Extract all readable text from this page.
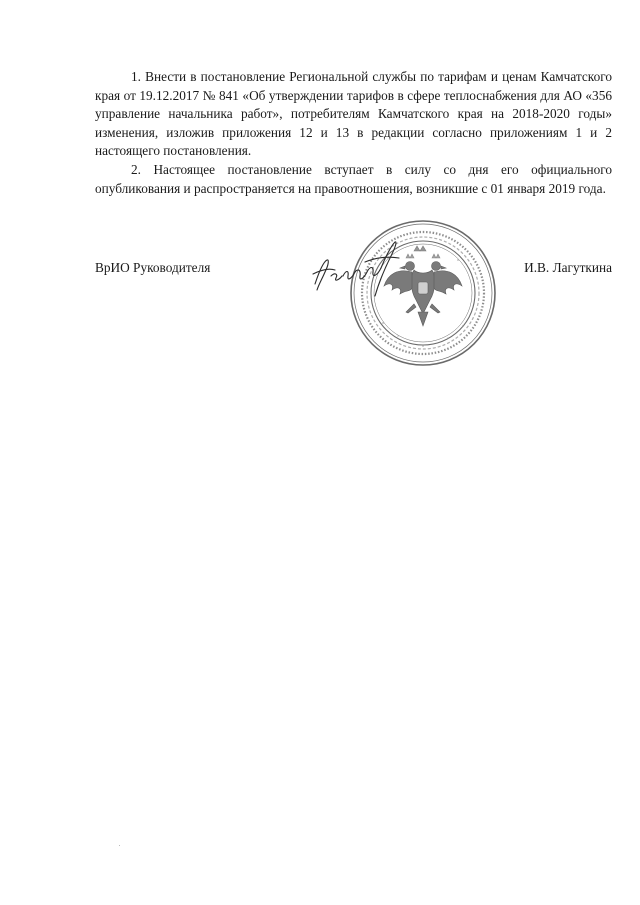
1. Внести в постановление Региональной службы по тарифам и ценам Камчатского края от 19.12.2017 № 841 «Об утверждении тарифов в сфере теплоснабжения для АО «356 управление начальника работ», потребителям Камчатского края на 2018-2020 годы» изменения, изложив приложения 12 и 13 в редакции согласно приложениям 1 и 2 настоящего постановления.

2. Настоящее постановление вступает в силу со дня его официального опубликования и распространяется на правоотношения, возникшие с 01 января 2019 года.

ВрИО Руководителя	И.В. Лагуткина
